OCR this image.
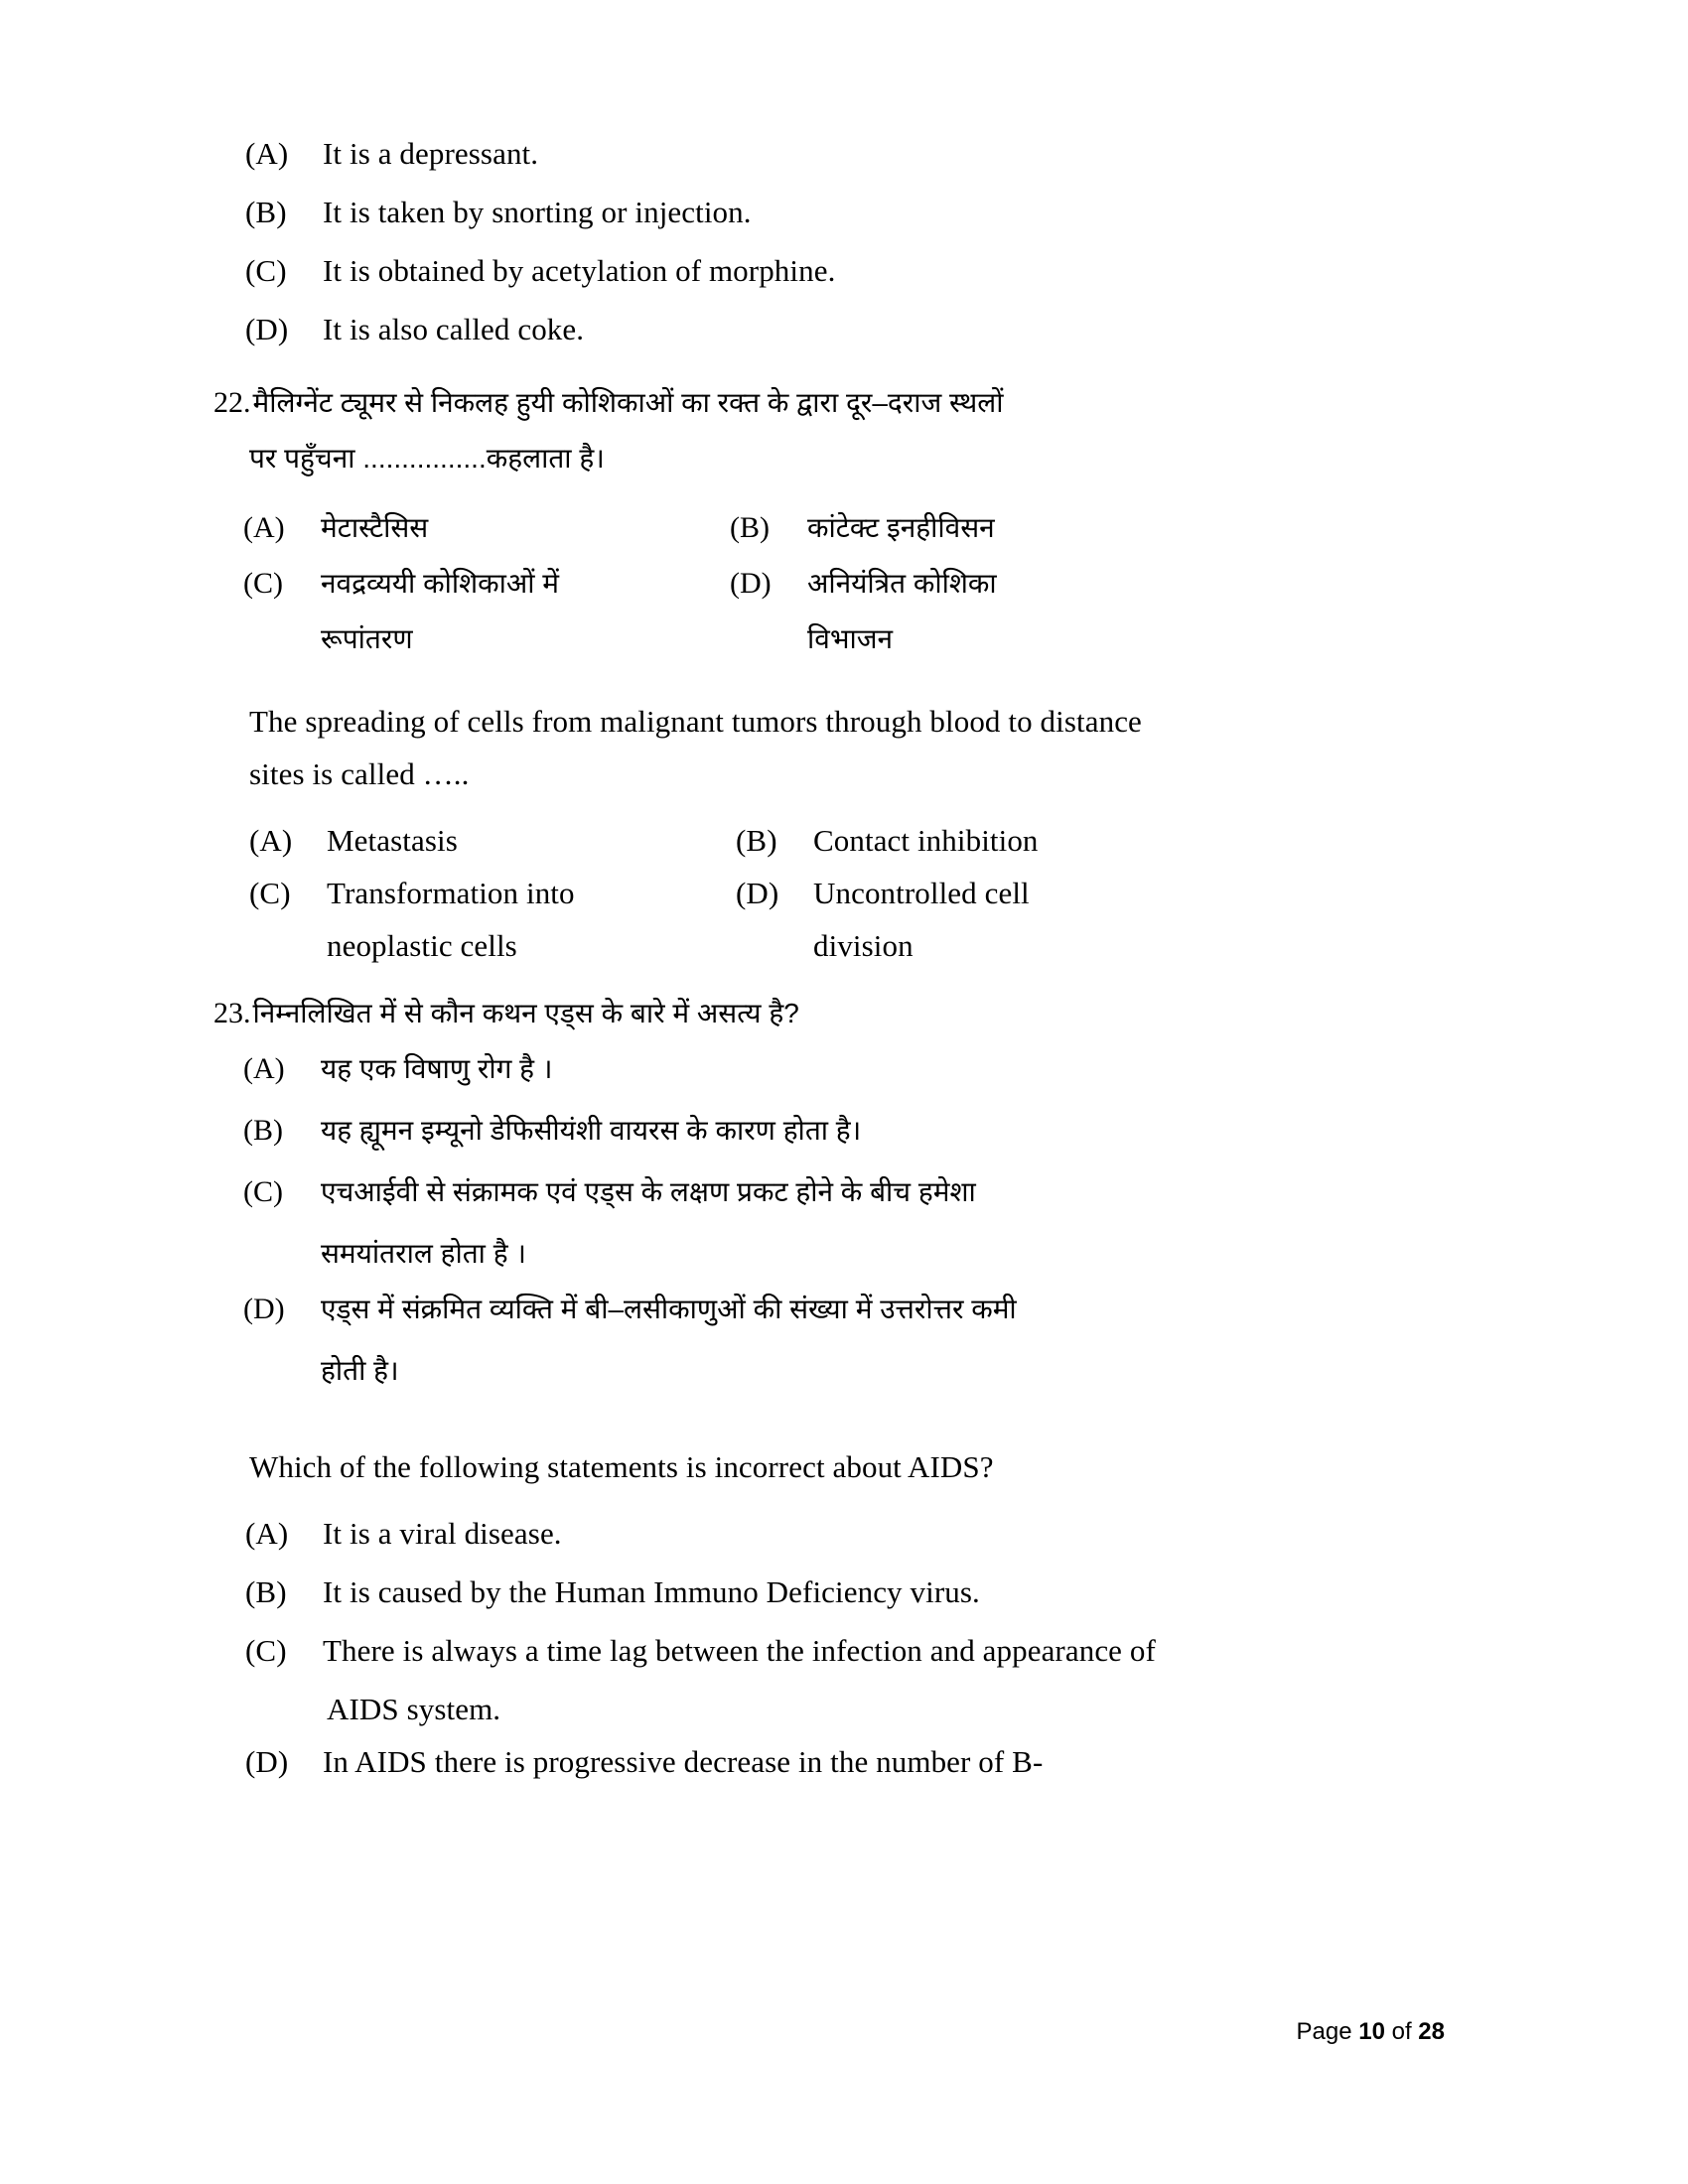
(A)	It is a depressant.
(B)	It is taken by snorting or injection.
(C)	It is obtained by acetylation of morphine.
(D)	It is also called coke.
22. मैलिग्नेंट ट्यूमर से निकलह हुयी कोशिकाओं का रक्त के द्वारा दूर–दराज स्थलों
पर पहुँचना ................कहलाता है।
(A)	मेटास्टैसिस	(B)	कांटेक्ट इनहीविसन
(C)	नवद्रव्ययी कोशिकाओं में	(D)	अनियंत्रित कोशिका
रूपांतरण	विभाजन
The spreading of cells from malignant tumors through blood to distance
sites is called …..
(A)	Metastasis	(B)	Contact inhibition
(C)	Transformation into	(D)	Uncontrolled cell
neoplastic cells	division
23. निम्नलिखित में से कौन कथन एड्स के बारे में असत्य है?
(A)	यह एक विषाणु रोग है ।
(B)	यह ह्यूमन इम्यूनो डेफिसीयंशी वायरस के कारण होता है।
(C)	एचआईवी से संक्रामक एवं एड्स के लक्षण प्रकट होने के बीच हमेशा
समयांतराल होता है ।
(D)	एड्स में संक्रमित व्यक्ति में बी–लसीकाणुओं की संख्या में उत्तरोत्तर कमी
होती है।
Which of the following statements is incorrect about AIDS?
(A)	It is a viral disease.
(B)	It is caused by the Human Immuno Deficiency virus.
(C)	There is always a time lag between the infection and appearance of
AIDS system.
(D)	In AIDS there is progressive decrease in the number of B-
Page 10 of 28
